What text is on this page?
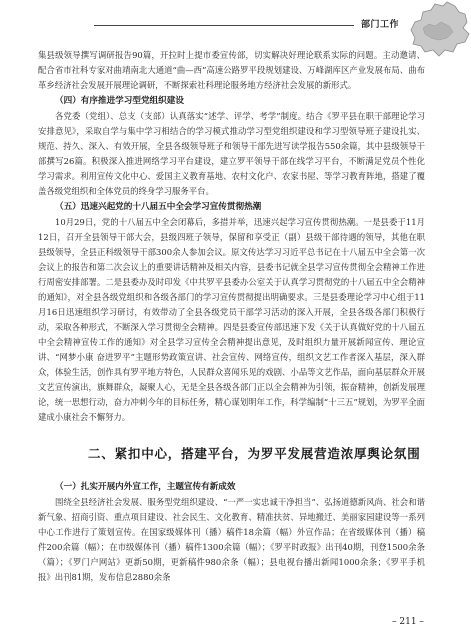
部门工作

集县级领导撰写调研报告90篇，开拉时上提市委宣传部，切实解决好理论联系实际的问题。主动邀请、配合省市社科专家对曲靖南北大通道“曲—西”高速公路罗平段规划建设、万峰湖库区产业发展布局、曲布革乡经济社会发展开展理论调研，不断探索社科理论服务地方经济社会发展的新形式。

（四）有序推进学习型党组织建设

各党委（党组）、总支（支部）认真落实“述学、评学、考学”制度。结合《罗平县在职干部理论学习安排意见》，采取自学与集中学习相结合的学习模式推动学习型党组织建设和学习型领导班子建设扎实、规范、持久、深入、有效开展，全县各级领导班子和领导干部先进写读学报告550余篇，其中县级领导干部撰写26篇。积极深入推进网络学习平台建设，建立罗平领导干部在线学习平台，不断满足党员个性化学习需求。利用宣传文化中心、爱国主义教育基地、农村文化户、农家书屋、等学习教育阵地，搭建了覆盖各级党组织和全体党员的终身学习服务平台。

（五）迅速兴起党的十八届五中全会学习宣传贯彻热潮

10月29日，党的十八届五中全会闭幕后，多措并举，迅速兴起学习宣传贯彻热潮。一是县委于11月12日，召开全县领导干部大会，县级四班子领导，保留和享受正（副）县级干部待遇的领导，其他在职县级领导，全县正科级领导干部300余人参加会议。原文传达学习习近平总书记在十八届五中全会第一次会议上的报告和第二次会议上的重要讲话精神及相关内容，县委书记就全县学习宣传贯彻全会精神工作进行周密安排部署。二是县委办及时印发《中共罗平县委办公室关于认真学习贯彻党的十八届五中全会精神的通知》，对全县各级党组织和各级各部门的学习宣传贯彻提出明确要求。三是县委理论学习中心组于11月16日迅速组织学习研讨，有效带动了全县各级党员干部学习活动的深入开展，全县各级各部门积极行动，采取各种形式，不断深入学习贯彻全会精神。四是县委宣传部迅速下发《关于认真做好党的十八届五中全会精神宣传工作的通知》对全县学习宣传全会精神提出意见，及时组织力量开展新闻宣传、理论宣讲、“网梦小康 奋进罗平”主题形势政策宣讲、社会宣传、网络宣传，组织文艺工作者深入基层，深入群众，体验生活，创作具有罗平地方特色，人民群众喜闻乐见的戏剧、小品等文艺作品，面向基层群众开展文艺宣传演出，旗舞群众，凝聚人心，无是全县各级各部门正以全会精神为引领，振奋精神，创新发展理论，统一思想行动，奋力冲刺今年的目标任务，精心谋划明年工作，科学编制“十三五”规划，为罗平全面建成小康社会不懈努力。

二、紧扣中心，搭建平台，为罗平发展营造浓厚舆论氛围
（一）扎实开展内外宣工作，主题宣传有新成效

围绕全县经济社会发展、服务型党组织建设、“一严一实忠诚干净担当”、弘扬道德新风尚、社会和谐新气象、招商引资、重点项目建设、社会民生、文化教育、精准扶贫、异地搬迁、美丽家园建设等一系列中心工作进行了策划宣传。在国家级媒体刊（播）稿件18余篇（幅）外宣作品；在省级媒体刊（播）稿件200余篇（幅）；在市级媒体刊（播）稿件1300余篇（幅）；《罗平时政报》出刊40期，刊登1500余条（篇）；《罗门户网站》更新50期，更新稿件980余条（幅）；县电视台播出新闻1000余条；《罗平手机报》出刊81期，发布信息2880余条

– 211 –
